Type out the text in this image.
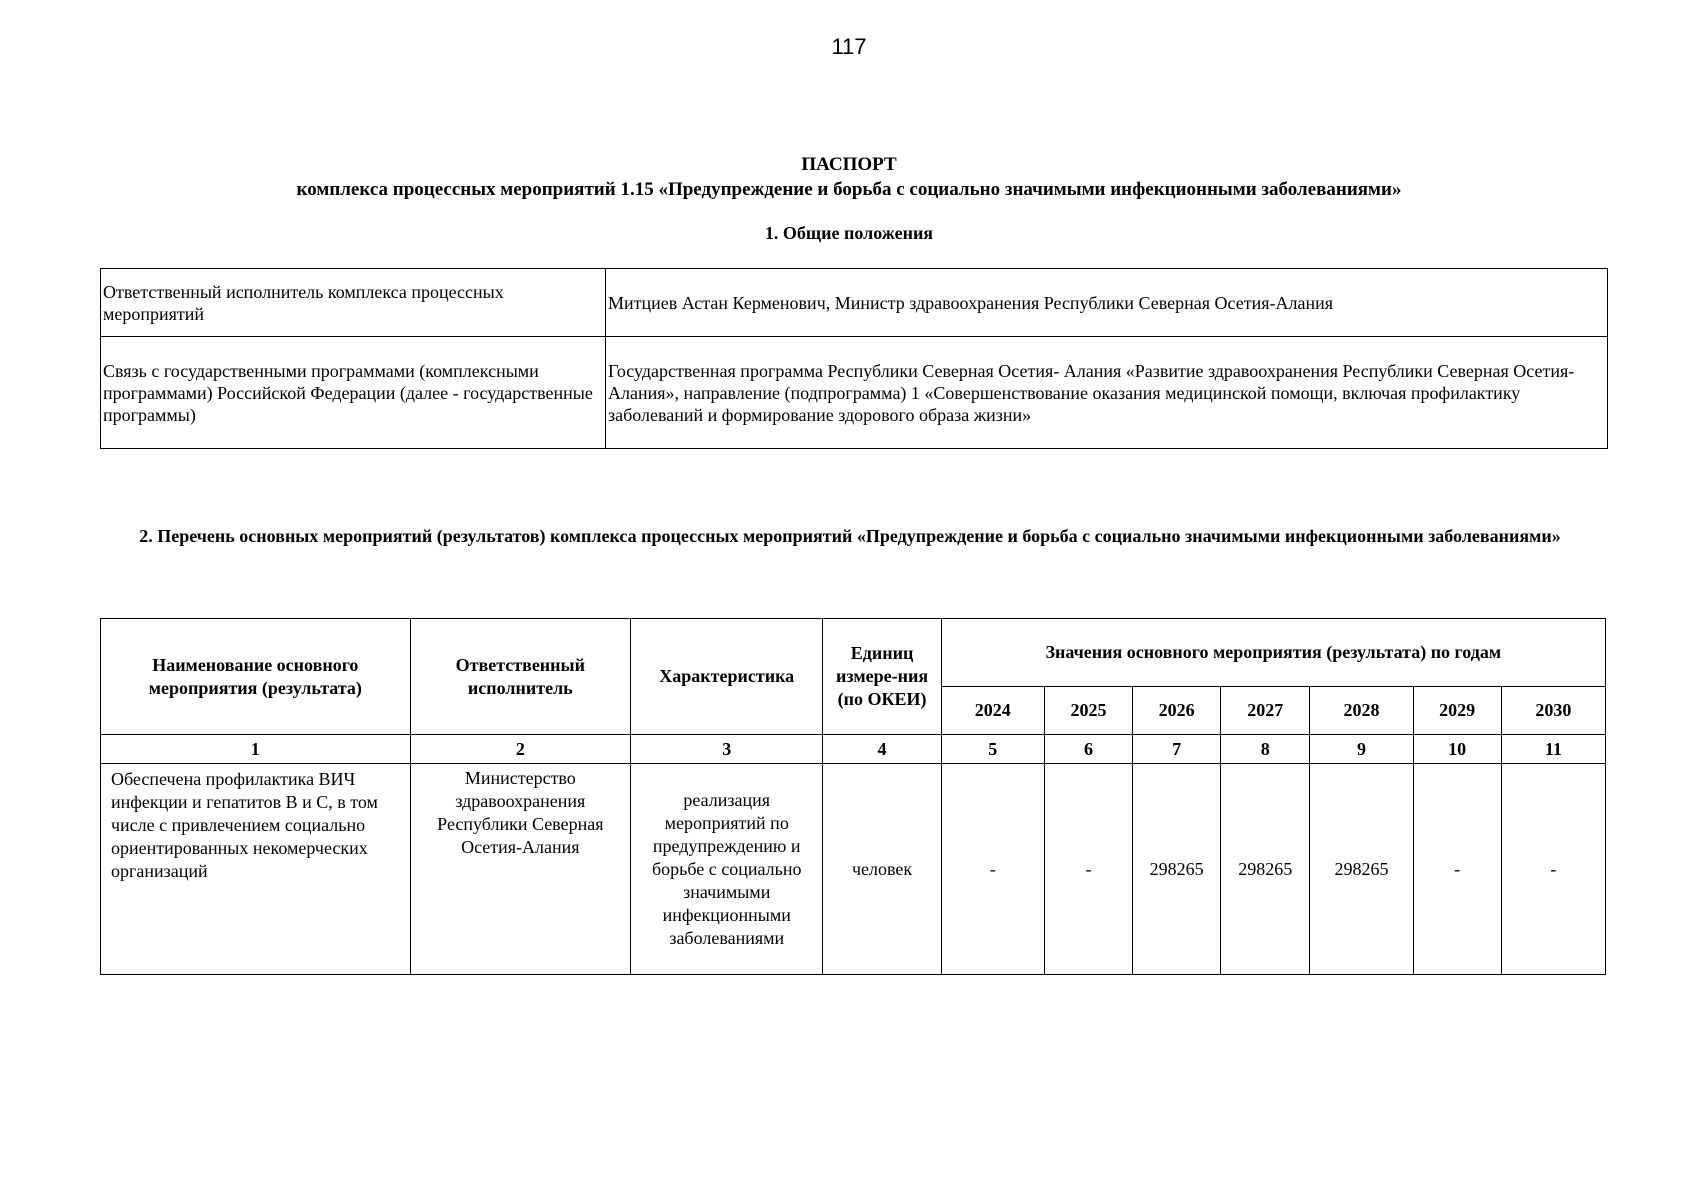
117
ПАСПОРТ
комплекса процессных мероприятий 1.15 «Предупреждение и борьба с социально значимыми инфекционными заболеваниями»
1. Общие положения
Ответственный исполнитель комплекса процессных мероприятий	Митциев Астан Керменович, Министр здравоохранения Республики Северная Осетия-Алания
Связь с государственными программами (комплексными программами) Российской Федерации (далее - государственные программы)	Государственная программа Республики Северная Осетия- Алания «Развитие здравоохранения Республики Северная Осетия-Алания», направление (подпрограмма) 1 «Совершенствование оказания медицинской помощи, включая профилактику заболеваний и формирование здорового образа жизни»
2. Перечень основных мероприятий (результатов) комплекса процессных мероприятий «Предупреждение и борьба с социально значимыми инфекционными заболеваниями»
Наименование основного мероприятия (результата)	Ответственный исполнитель	Характеристика	Единиц измере-ния (по ОКЕИ)	Значения основного мероприятия (результата) по годам						
				2024	2025	2026	2027	2028	2029	2030
1	2	3	4	5	6	7	8	9	10	11
Обеспечена профилактика ВИЧ инфекции и гепатитов В и С, в том числе с привлечением социально ориентированных некомерческих организаций	Министерство здравоохранения Республики Северная Осетия-Алания	реализация мероприятий по предупреждению и борьбе с социально значимыми инфекционными заболеваниями	человек	-	-	298265	298265	298265	-	-
